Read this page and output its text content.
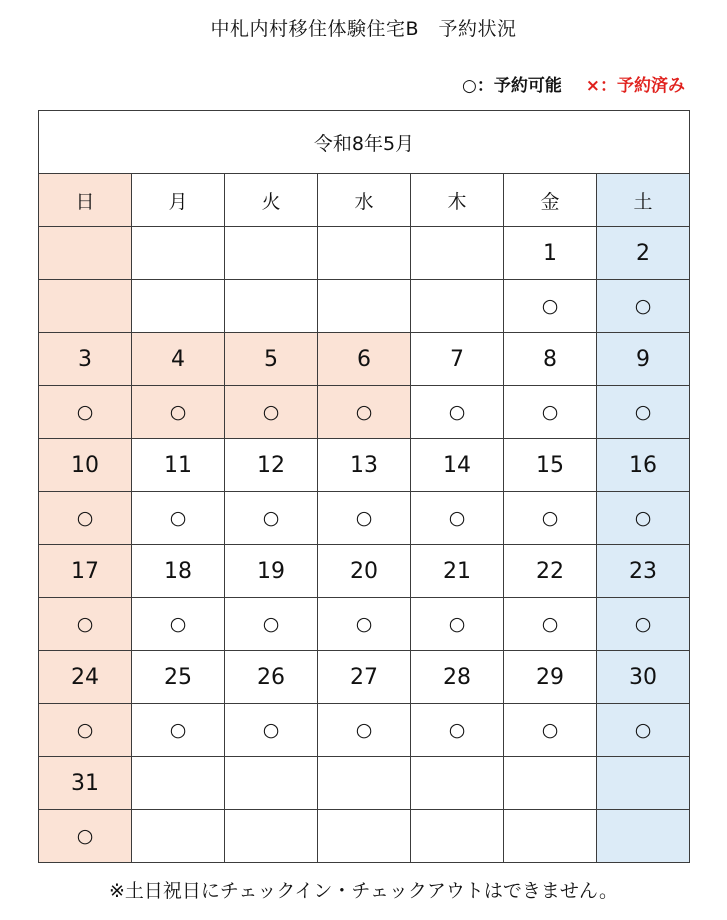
中札内村移住体験住宅B　予約状況
○：予約可能 ×：予約済み
令和8年5月						
日	月	火	水	木	金	土
					1	2
					○	○
3	4	5	6	7	8	9
○	○	○	○	○	○	○
10	11	12	13	14	15	16
○	○	○	○	○	○	○
17	18	19	20	21	22	23
○	○	○	○	○	○	○
24	25	26	27	28	29	30
○	○	○	○	○	○	○
31						
○						
※土日祝日にチェックイン・チェックアウトはできません。
